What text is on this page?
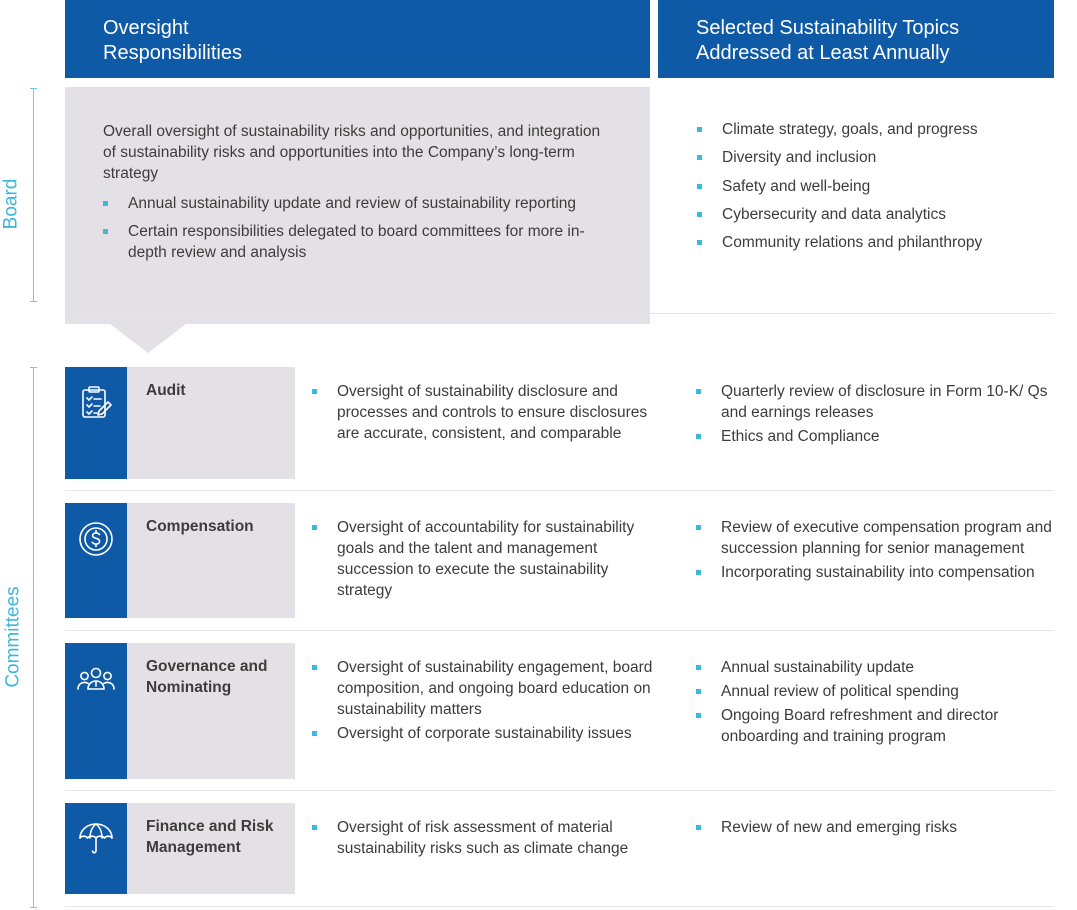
Oversight
Responsibilities
Selected Sustainability Topics
Addressed at Least Annually
Board
Committees

Overall oversight of sustainability risks and opportunities, and integration of sustainability risks and opportunities into the Company’s long-term strategy

Annual sustainability update and review of sustainability reporting
Certain responsibilities delegated to board committees for more in-depth review and analysis
Climate strategy, goals, and progress
Diversity and inclusion
Safety and well-being
Cybersecurity and data analytics
Community relations and philanthropy
Audit	Oversight of sustainability disclosure and processes and controls to ensure disclosures are accurate, consistent, and comparable
Quarterly review of disclosure in Form 10-K/ Qs and earnings releases
Ethics and Compliance
Compensation	Oversight of accountability for sustainability goals and the talent and management succession to execute the sustainability strategy
Review of executive compensation program and succession planning for senior management
Incorporating sustainability into compensation
Governance and Nominating
Oversight of sustainability engagement, board composition, and ongoing board education on sustainability matters
Oversight of corporate sustainability issues
Annual sustainability update
Annual review of political spending
Ongoing Board refreshment and director onboarding and training program
Finance and Risk Management
Oversight of risk assessment of material sustainability risks such as climate change
Review of new and emerging risks
